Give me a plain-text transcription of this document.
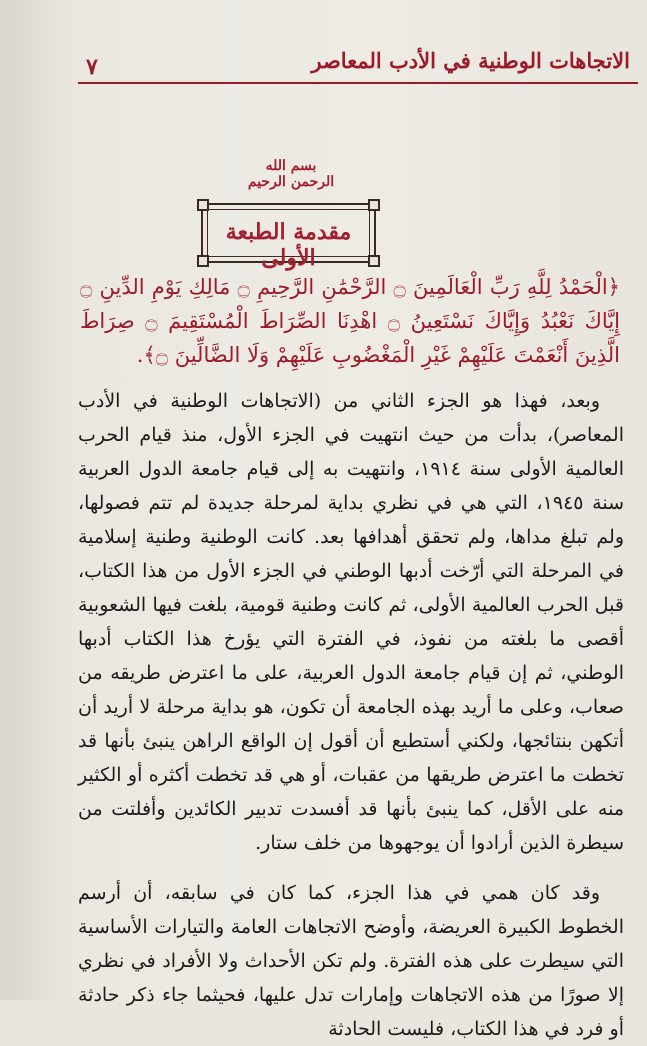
الاتجاهات الوطنية في الأدب المعاصر
٧
بسم الله الرحمن الرحيم
مقدمة الطبعة الأولى
﴿الْحَمْدُ لِلَّهِ رَبِّ الْعَالَمِينَ ۝ الرَّحْمَٰنِ الرَّحِيمِ ۝ مَالِكِ يَوْمِ الدِّينِ ۝ إِيَّاكَ نَعْبُدُ وَإِيَّاكَ نَسْتَعِينُ ۝ اهْدِنَا الصِّرَاطَ الْمُسْتَقِيمَ ۝ صِرَاطَ الَّذِينَ أَنْعَمْتَ عَلَيْهِمْ غَيْرِ الْمَغْضُوبِ عَلَيْهِمْ وَلَا الضَّالِّينَ ۝﴾.

وبعد، فهذا هو الجزء الثاني من (الاتجاهات الوطنية في الأدب المعاصر)، بدأت من حيث انتهيت في الجزء الأول، منذ قيام الحرب العالمية الأولى سنة ١٩١٤، وانتهيت به إلى قيام جامعة الدول العربية سنة ١٩٤٥، التي هي في نظري بداية لمرحلة جديدة لم تتم فصولها، ولم تبلغ مداها، ولم تحقق أهدافها بعد. كانت الوطنية وطنية إسلامية في المرحلة التي أرّخت أدبها الوطني في الجزء الأول من هذا الكتاب، قبل الحرب العالمية الأولى، ثم كانت وطنية قومية، بلغت فيها الشعوبية أقصى ما بلغته من نفوذ، في الفترة التي يؤرخ هذا الكتاب أدبها الوطني، ثم إن قيام جامعة الدول العربية، على ما اعترض طريقه من صعاب، وعلى ما أريد بهذه الجامعة أن تكون، هو بداية مرحلة لا أريد أن أتكهن بنتائجها، ولكني أستطيع أن أقول إن الواقع الراهن ينبئ بأنها قد تخطت ما اعترض طريقها من عقبات، أو هي قد تخطت أكثره أو الكثير منه على الأقل، كما ينبئ بأنها قد أفسدت تدبير الكائدين وأفلتت من سيطرة الذين أرادوا أن يوجهوها من خلف ستار.

وقد كان همي في هذا الجزء، كما كان في سابقه، أن أرسم الخطوط الكبيرة العريضة، وأوضح الاتجاهات العامة والتيارات الأساسية التي سيطرت على هذه الفترة. ولم تكن الأحداث ولا الأفراد في نظري إلا صورًا من هذه الاتجاهات وإمارات تدل عليها، فحيثما جاء ذكر حادثة أو فرد في هذا الكتاب، فليست الحادثة
